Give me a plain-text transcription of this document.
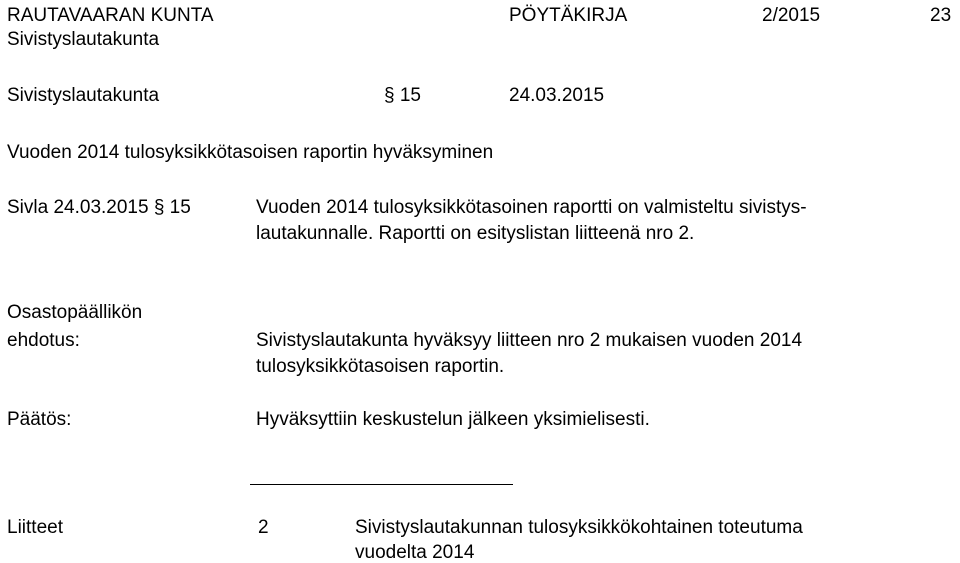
RAUTAVAARAN KUNTA	PÖYTÄKIRJA	2/2015	23
Sivistyslautakunta
Sivistyslautakunta	§ 15	24.03.2015
Vuoden 2014 tulosyksikkötasoisen raportin hyväksyminen
Sivla 24.03.2015 § 15	Vuoden 2014 tulosyksikkötasoinen raportti on valmisteltu sivistys-
lautakunnalle. Raportti on esityslistan liitteenä nro 2.
Osastopäällikön
ehdotus:	Sivistyslautakunta hyväksyy liitteen nro 2 mukaisen vuoden 2014
tulosyksikkötasoisen raportin.
Päätös:	Hyväksyttiin keskustelun jälkeen yksimielisesti.
Liitteet	2	Sivistyslautakunnan tulosyksikkökohtainen toteutuma
vuodelta 2014
